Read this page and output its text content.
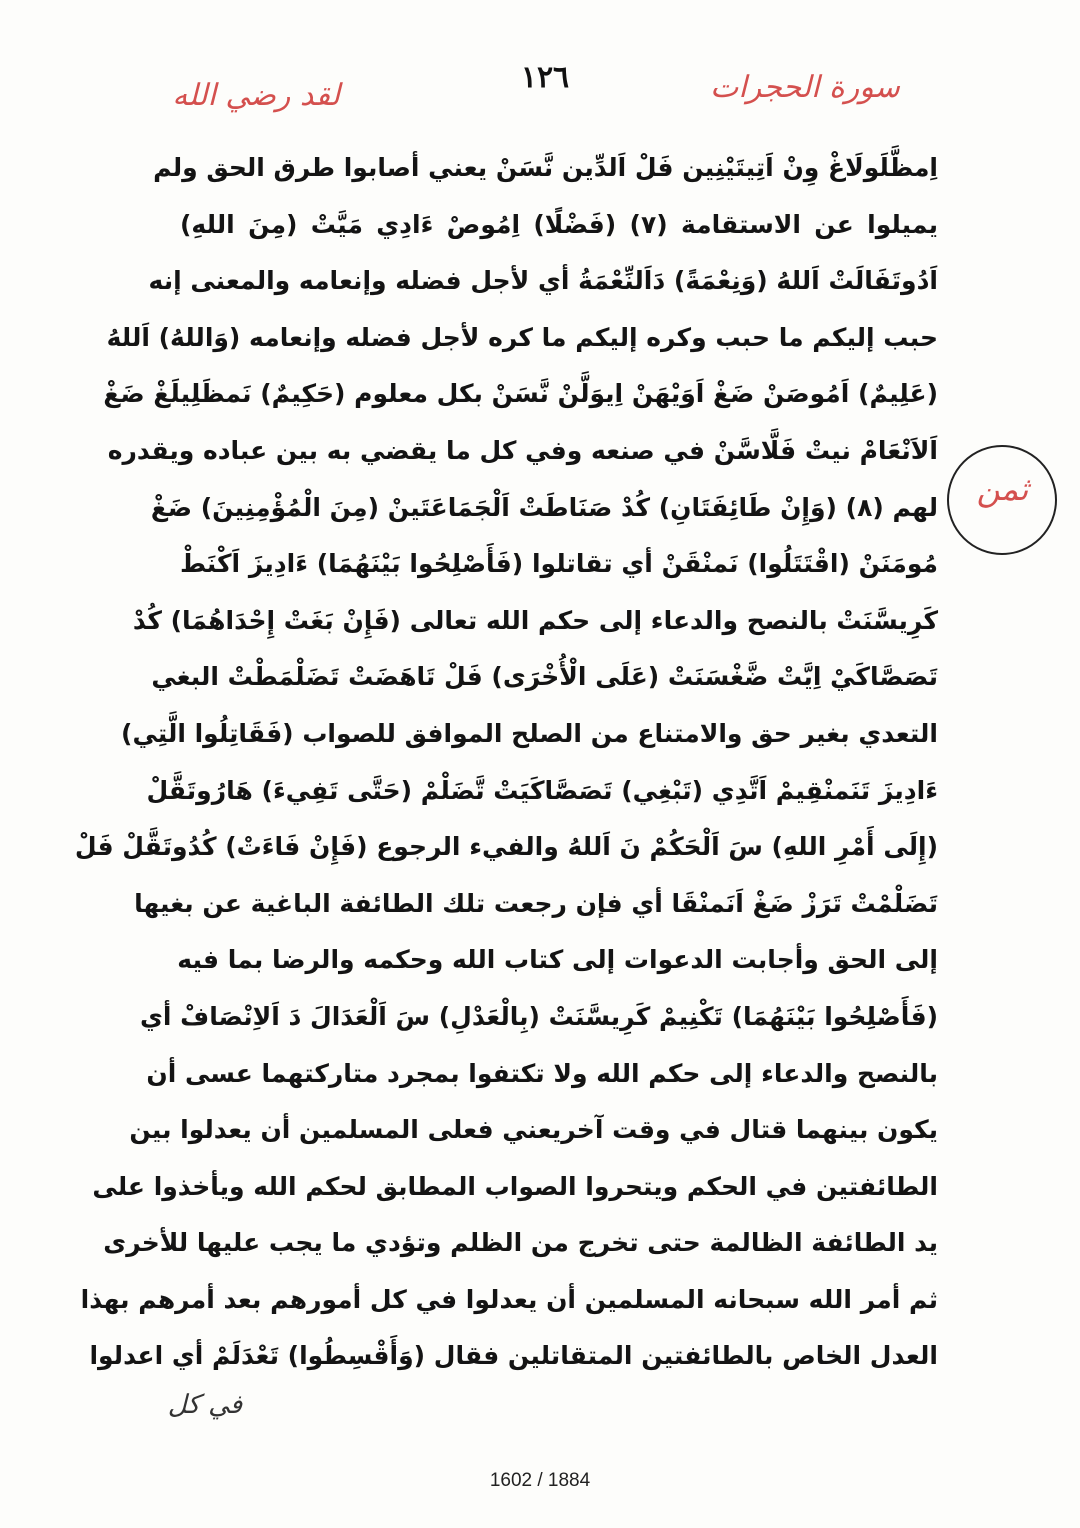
١٢٦	سورة الحجرات
لقد رضي الله
اِمظَّلَولَاغْ وِنْ اَتِيتَيْنِين فَلْ اَلدِّين نَّسَنْ يعني أصابوا طرق الحق ولم
يميلوا عن الاستقامة (٧) (فَضْلًا) اِمُوصْ ءَادِي مَيَّتْ (مِنَ اللهِ)
اَدُوتَفَالَتْ اَللهُ (وَنِعْمَةً) دَاَلنِّعْمَةُ أي لأجل فضله وإنعامه والمعنى إنه
حبب إليكم ما حبب وكره إليكم ما كره لأجل فضله وإنعامه (وَاللهُ) اَللهُ
(عَلِيمٌ) اَمُوصَنْ ضَغْ اَوَيْهَنْ اِيوَلَّنْ نَّسَنْ بكل معلوم (حَكِيمٌ) نَمظَلِيلَغْ ضَغْ
اَلاَنْعَامْ نيتْ فَلَّاسَّنْ في صنعه وفي كل ما يقضي به بين عباده ويقدره
لهم (٨) (وَإِنْ طَائِفَتَانِ) كُدْ صَنَاطَتْ اَلْجَمَاعَتَينْ (مِنَ الْمُؤْمِنِينَ) ضَغْ
مُومَنَنْ (اقْتَتَلُوا) نَمنْقَنْ أي تقاتلوا (فَأَصْلِحُوا بَيْنَهُمَا) ءَادِيزَ اَكْنَطْ
كَرِيسَّنَتْ بالنصح والدعاء إلى حكم الله تعالى (فَإِنْ بَغَتْ إِحْدَاهُمَا) كُدْ
تَصَصَّاكَيْ اِيَّتْ ضَّغْسَنَتْ (عَلَى الْأُخْرَى) فَلْ تَاهَضَتْ تَضَلْمَطْتْ البغي
التعدي بغير حق والامتناع من الصلح الموافق للصواب (فَقَاتِلُوا الَّتِي)
ءَادِيزَ تَنَمنْقِيمْ اَتَّدِي (تَبْغِي) تَصَصَّاكَيَتْ تَّضَلْمْ (حَتَّى تَفِيءَ) هَارُوتَقَّلْ
(إِلَى أَمْرِ اللهِ) سَ اَلْحَكُمْ نَ اَللهُ والفيء الرجوع (فَإِنْ فَاءَتْ) كُدُوتَقَّلْ فَلْ
تَضَلْمْتْ تَرَزْ ضَغْ اَنَمنْقَا أي فإن رجعت تلك الطائفة الباغية عن بغيها
إلى الحق وأجابت الدعوات إلى كتاب الله وحكمه والرضا بما فيه
(فَأَصْلِحُوا بَيْنَهُمَا) تَكْنِيمْ كَرِيسَّنَتْ (بِالْعَدْلِ) سَ اَلْعَدَالَ دَ اَلاِنْصَافْ أي
بالنصح والدعاء إلى حكم الله ولا تكتفوا بمجرد متاركتهما عسى أن
يكون بينهما قتال في وقت آخريعني فعلى المسلمين أن يعدلوا بين
الطائفتين في الحكم ويتحروا الصواب المطابق لحكم الله ويأخذوا على
يد الطائفة الظالمة حتى تخرج من الظلم وتؤدي ما يجب عليها للأخرى
ثم أمر الله سبحانه المسلمين أن يعدلوا في كل أمورهم بعد أمرهم بهذا
العدل الخاص بالطائفتين المتقاتلين فقال (وَأَقْسِطُوا) تَعْدَلَمْ أي اعدلوا
ثمن
في كل
1602 / 1884
